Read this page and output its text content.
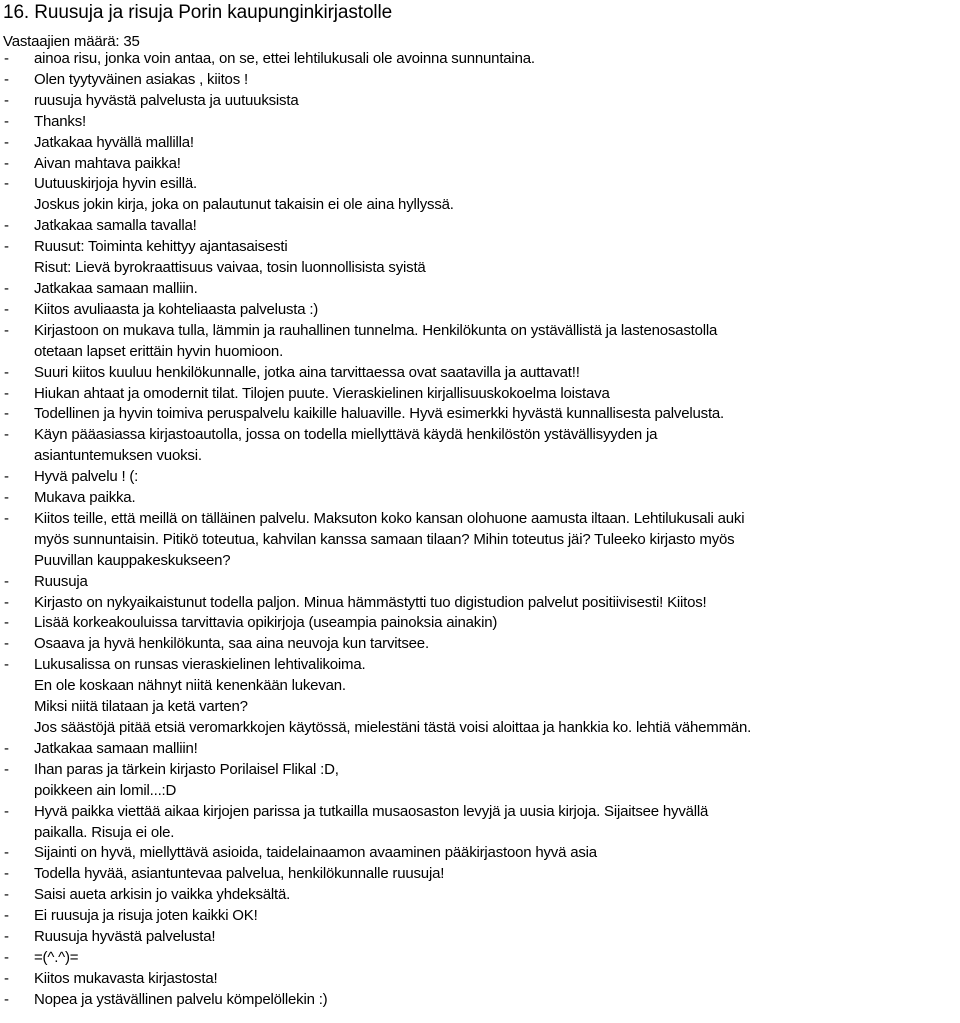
16. Ruusuja ja risuja Porin kaupunginkirjastolle
Vastaajien määrä: 35
-	ainoa risu, jonka voin antaa, on se, ettei lehtilukusali ole avoinna sunnuntaina.
-	Olen tyytyväinen asiakas , kiitos !
-	ruusuja hyvästä palvelusta ja uutuuksista
-	Thanks!
-	Jatkakaa hyvällä mallilla!
-	Aivan mahtava paikka!
-	Uutuuskirjoja hyvin esillä.
Joskus jokin kirja, joka on palautunut takaisin ei ole aina hyllyssä.
-	Jatkakaa samalla tavalla!
-	Ruusut: Toiminta kehittyy ajantasaisesti
Risut: Lievä byrokraattisuus vaivaa, tosin luonnollisista syistä
-	Jatkakaa samaan malliin.
-	Kiitos avuliaasta ja kohteliaasta palvelusta :)
-	Kirjastoon on mukava tulla, lämmin ja rauhallinen tunnelma. Henkilökunta on ystävällistä ja lastenosastolla
otetaan lapset erittäin hyvin huomioon.
-	Suuri kiitos kuuluu henkilökunnalle, jotka aina tarvittaessa ovat saatavilla ja auttavat!!
-	Hiukan ahtaat ja omodernit tilat. Tilojen puute. Vieraskielinen kirjallisuuskokoelma loistava
-	Todellinen ja hyvin toimiva peruspalvelu kaikille haluaville. Hyvä esimerkki hyvästä kunnallisesta palvelusta.
-	Käyn pääasiassa kirjastoautolla, jossa on todella miellyttävä käydä henkilöstön ystävällisyyden ja
asiantuntemuksen vuoksi.
-	Hyvä palvelu ! (:
-	Mukava paikka.
-	Kiitos teille, että meillä on tälläinen palvelu. Maksuton koko kansan olohuone aamusta iltaan. Lehtilukusali auki
myös sunnuntaisin. Pitikö toteutua, kahvilan kanssa samaan tilaan? Mihin toteutus jäi? Tuleeko kirjasto myös
Puuvillan kauppakeskukseen?
-	Ruusuja
-	Kirjasto on nykyaikaistunut todella paljon. Minua hämmästytti tuo digistudion palvelut positiivisesti! Kiitos!
-	Lisää korkeakouluissa tarvittavia opikirjoja (useampia painoksia ainakin)
-	Osaava ja hyvä henkilökunta, saa aina neuvoja kun tarvitsee.
-	Lukusalissa on runsas vieraskielinen lehtivalikoima.
En ole koskaan nähnyt niitä kenenkään lukevan.
Miksi niitä tilataan ja ketä varten?
Jos säästöjä pitää etsiä veromarkkojen käytössä, mielestäni tästä voisi aloittaa ja hankkia ko. lehtiä vähemmän.
-	Jatkakaa samaan malliin!
-	Ihan paras ja tärkein kirjasto Porilaisel Flikal :D,
poikkeen ain lomil...:D
-	Hyvä paikka viettää aikaa kirjojen parissa ja tutkailla musaosaston levyjä ja uusia kirjoja. Sijaitsee hyvällä
paikalla. Risuja ei ole.
-	Sijainti on hyvä, miellyttävä asioida, taidelainaamon avaaminen pääkirjastoon hyvä asia
-	Todella hyvää, asiantuntevaa palvelua, henkilökunnalle ruusuja!
-	Saisi aueta arkisin jo vaikka yhdeksältä.
-	Ei ruusuja ja risuja joten kaikki OK!
-	Ruusuja hyvästä palvelusta!
-	=(^.^)=
-	Kiitos mukavasta kirjastosta!
-	Nopea ja ystävällinen palvelu kömpelöllekin :)
